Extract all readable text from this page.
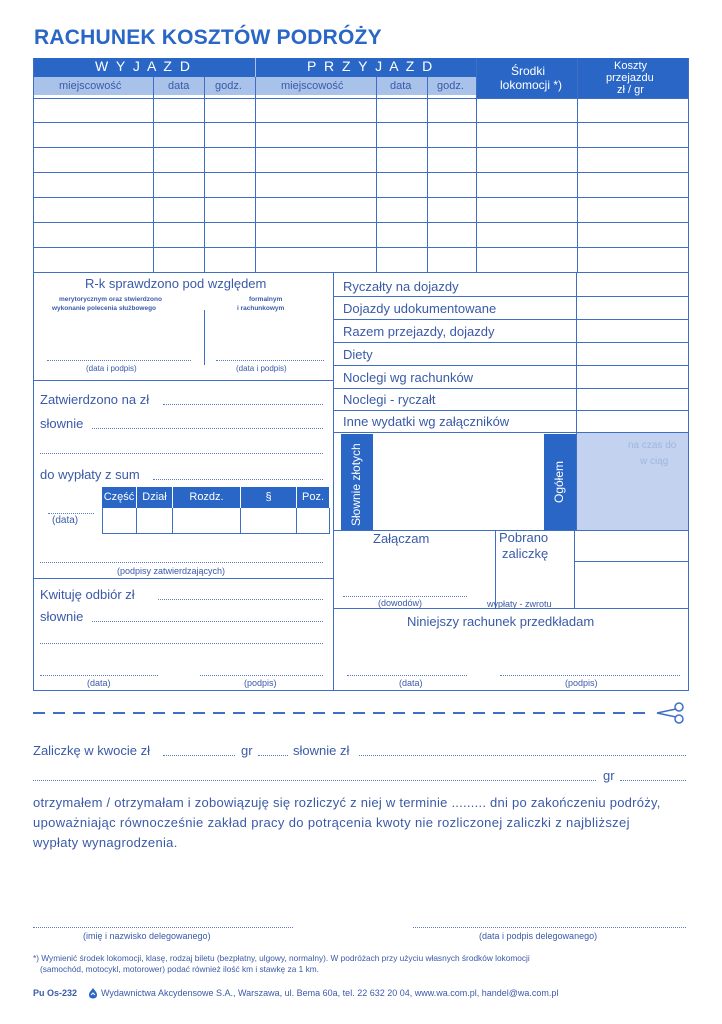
RACHUNEK KOSZTÓW PODRÓŻY
W Y J A Z D	P R Z Y J A Z D
miejscowość	data godz.	miejscowość	data godz.
Środki
lokomocji *)
Koszty
przejazdu
zł / gr
R-k sprawdzono pod względem
merytorycznym oraz stwierdzono
wykonanie polecenia służbowego
formalnym
i rachunkowym
(data i podpis)	(data i podpis)
Zatwierdzono na zł
słownie
do wypłaty z sum
Część Dział	Rozdz.	§	Poz.
(data)
(podpisy zatwierdzających)
Kwituję odbiór zł
słownie
(data)	(podpis)
Ryczałty na dojazdy
Dojazdy udokumentowane
Razem przejazdy, dojazdy
Diety
Noclegi wg rachunków
Noclegi - ryczałt
Inne wydatki wg załączników
Słownie złotych	Ogółem
na czas do
w ciąg
Załączam	Pobrano
zaliczkę
(dowodów)	wypłaty - zwrotu
Niniejszy rachunek przedkładam
(data)	(podpis)
Zaliczkę w kwocie zł	gr	słownie zł
gr
otrzymałem / otrzymałam i zobowiązuję się rozliczyć z niej w terminie ......... dni po zakończeniu podróży,
upoważniając równocześnie zakład pracy do potrącenia kwoty nie rozliczonej zaliczki z najbliższej
wypłaty wynagrodzenia.
(imię i nazwisko delegowanego)	(data i podpis delegowanego)
*) Wymienić środek lokomocji, klasę, rodzaj biletu (bezpłatny, ulgowy, normalny). W podróżach przy użyciu własnych środków lokomocji
(samochód, motocykl, motorower) podać również ilość km i stawkę za 1 km.
Pu Os-232	Wydawnictwa Akcydensowe S.A., Warszawa, ul. Bema 60a, tel. 22 632 20 04, www.wa.com.pl, handel@wa.com.pl
